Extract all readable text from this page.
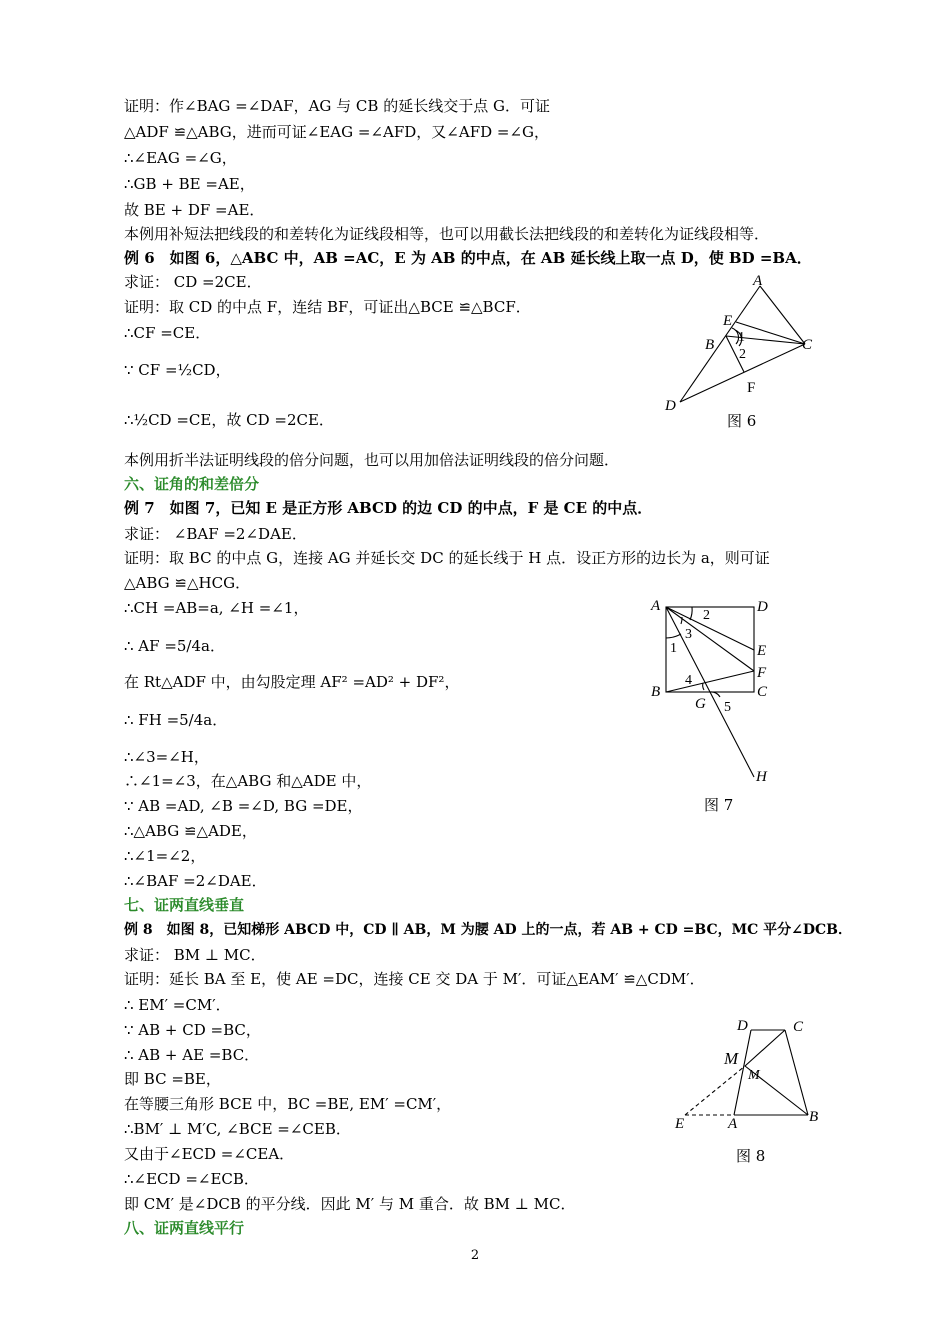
证明：作∠BAG =∠DAF，AG 与 CB 的延长线交于点 G．可证
△ADF ≌△ABG，进而可证∠EAG =∠AFD，又∠AFD =∠G，
∴∠EAG =∠G，
∴GB + BE =AE，
故 BE + DF =AE．
本例用补短法把线段的和差转化为证线段相等，也可以用截长法把线段的和差转化为证线段相等．
例 6　如图 6，△ABC 中，AB =AC，E 为 AB 的中点，在 AB 延长线上取一点 D，使 BD =BA．
求证： CD =2CE．
证明：取 CD 的中点 F，连结 BF，可证出△BCE ≌△BCF．
∴CF =CE．
∵ CF =½CD，
∴½CD =CE，故 CD =2CE．
本例用折半法证明线段的倍分问题，也可以用加倍法证明线段的倍分问题．
六、证角的和差倍分
例 7　如图 7，已知 E 是正方形 ABCD 的边 CD 的中点，F 是 CE 的中点．
求证： ∠BAF =2∠DAE．
证明：取 BC 的中点 G，连接 AG 并延长交 DC 的延长线于 H 点．设正方形的边长为 a，则可证
△ABG ≌△HCG．
∴CH =AB=a, ∠H =∠1，
∴ AF =5/4a．
在 Rt△ADF 中，由勾股定理 AF² =AD² + DF²，
∴ FH =5/4a．
∴∠3=∠H，
∴∠1=∠3，在△ABG 和△ADE 中，
∵ AB =AD, ∠B =∠D, BG =DE，
∴△ABG ≌△ADE，
∴∠1=∠2，
∴∠BAF =2∠DAE．
七、证两直线垂直
例 8　如图 8，已知梯形 ABCD 中，CD ∥ AB，M 为腰 AD 上的一点，若 AB + CD =BC，MC 平分∠DCB．
求证： BM ⊥ MC．
证明：延长 BA 至 E，使 AE =DC，连接 CE 交 DA 于 M′．可证△EAM′ ≌△CDM′．
∴ EM′ =CM′．
∵ AB + CD =BC，
∴ AB + AE =BC．
即 BC =BE，
在等腰三角形 BCE 中，BC =BE, EM′ =CM′，
∴BM′ ⊥ M′C, ∠BCE =∠CEB．
又由于∠ECD =∠CEA．
∴∠ECD =∠ECB．
即 CM′ 是∠DCB 的平分线．因此 M′ 与 M 重合．故 BM ⊥ MC．
八、证两直线平行
A
E
B	C
D
F
1
2
图 6
A	D
E
F
B	C
G
H
2
3
1
4
5
图 7
D	C
M
M
E	A	B
图 8
2
